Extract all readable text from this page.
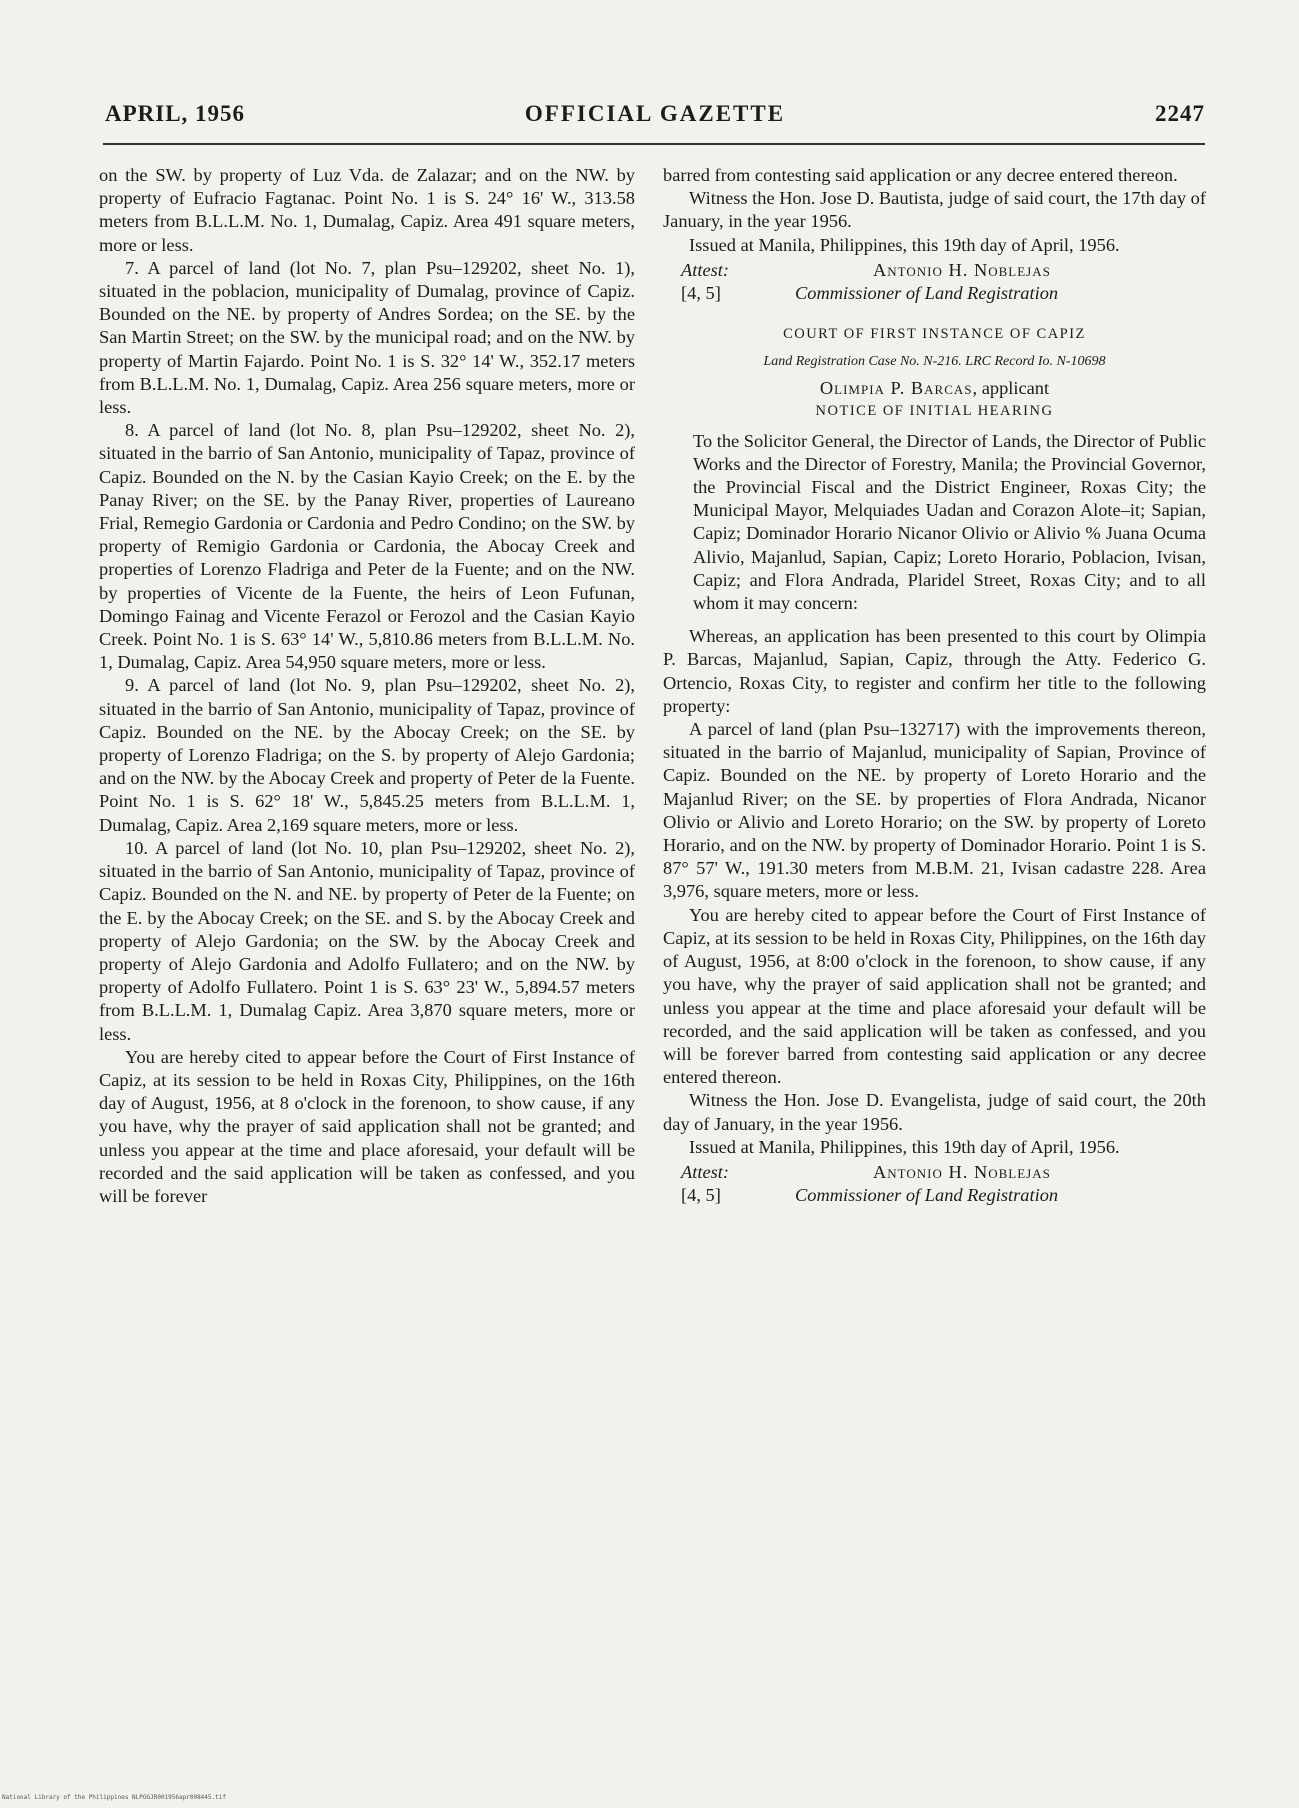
APRIL, 1956	OFFICIAL GAZETTE	2247

on the SW. by property of Luz Vda. de Zalazar; and on the NW. by property of Eufracio Fagtanac. Point No. 1 is S. 24° 16' W., 313.58 meters from B.L.L.M. No. 1, Dumalag, Capiz. Area 491 square meters, more or less.

7. A parcel of land (lot No. 7, plan Psu–129202, sheet No. 1), situated in the poblacion, municipality of Dumalag, province of Capiz. Bounded on the NE. by property of Andres Sordea; on the SE. by the San Martin Street; on the SW. by the municipal road; and on the NW. by property of Martin Fajardo. Point No. 1 is S. 32° 14' W., 352.17 meters from B.L.L.M. No. 1, Dumalag, Capiz. Area 256 square meters, more or less.

8. A parcel of land (lot No. 8, plan Psu–129202, sheet No. 2), situated in the barrio of San Antonio, municipality of Tapaz, province of Capiz. Bounded on the N. by the Casian Kayio Creek; on the E. by the Panay River; on the SE. by the Panay River, properties of Laureano Frial, Remegio Gardonia or Cardonia and Pedro Condino; on the SW. by property of Remigio Gardonia or Cardonia, the Abocay Creek and properties of Lorenzo Fladriga and Peter de la Fuente; and on the NW. by properties of Vicente de la Fuente, the heirs of Leon Fufunan, Domingo Fainag and Vicente Ferazol or Ferozol and the Casian Kayio Creek. Point No. 1 is S. 63° 14' W., 5,810.86 meters from B.L.L.M. No. 1, Dumalag, Capiz. Area 54,950 square meters, more or less.

9. A parcel of land (lot No. 9, plan Psu–129202, sheet No. 2), situated in the barrio of San Antonio, municipality of Tapaz, province of Capiz. Bounded on the NE. by the Abocay Creek; on the SE. by property of Lorenzo Fladriga; on the S. by property of Alejo Gardonia; and on the NW. by the Abocay Creek and property of Peter de la Fuente. Point No. 1 is S. 62° 18' W., 5,845.25 meters from B.L.L.M. 1, Dumalag, Capiz. Area 2,169 square meters, more or less.

10. A parcel of land (lot No. 10, plan Psu–129202, sheet No. 2), situated in the barrio of San Antonio, municipality of Tapaz, province of Capiz. Bounded on the N. and NE. by property of Peter de la Fuente; on the E. by the Abocay Creek; on the SE. and S. by the Abocay Creek and property of Alejo Gardonia; on the SW. by the Abocay Creek and property of Alejo Gardonia and Adolfo Fullatero; and on the NW. by property of Adolfo Fullatero. Point 1 is S. 63° 23' W., 5,894.57 meters from B.L.L.M. 1, Dumalag Capiz. Area 3,870 square meters, more or less.

You are hereby cited to appear before the Court of First Instance of Capiz, at its session to be held in Roxas City, Philippines, on the 16th day of August, 1956, at 8 o'clock in the forenoon, to show cause, if any you have, why the prayer of said application shall not be granted; and unless you appear at the time and place aforesaid, your default will be recorded and the said application will be taken as confessed, and you will be forever

barred from contesting said application or any decree entered thereon.

Witness the Hon. Jose D. Bautista, judge of said court, the 17th day of January, in the year 1956.

Issued at Manila, Philippines, this 19th day of April, 1956.

Attest:
[4, 5]
Antonio H. Noblejas
Commissioner of Land Registration
COURT OF FIRST INSTANCE OF CAPIZ
Land Registration Case No. N-216. LRC Record Io. N-10698
Olimpia P. Barcas, applicant
NOTICE OF INITIAL HEARING

To the Solicitor General, the Director of Lands, the Director of Public Works and the Director of Forestry, Manila; the Provincial Governor, the Provincial Fiscal and the District Engineer, Roxas City; the Municipal Mayor, Melquiades Uadan and Corazon Alote–it; Sapian, Capiz; Dominador Horario Nicanor Olivio or Alivio % Juana Ocuma Alivio, Majanlud, Sapian, Capiz; Loreto Horario, Poblacion, Ivisan, Capiz; and Flora Andrada, Plaridel Street, Roxas City; and to all whom it may concern:

Whereas, an application has been presented to this court by Olimpia P. Barcas, Majanlud, Sapian, Capiz, through the Atty. Federico G. Ortencio, Roxas City, to register and confirm her title to the following property:

A parcel of land (plan Psu–132717) with the improvements thereon, situated in the barrio of Majanlud, municipality of Sapian, Province of Capiz. Bounded on the NE. by property of Loreto Horario and the Majanlud River; on the SE. by properties of Flora Andrada, Nicanor Olivio or Alivio and Loreto Horario; on the SW. by property of Loreto Horario, and on the NW. by property of Dominador Horario. Point 1 is S. 87° 57' W., 191.30 meters from M.B.M. 21, Ivisan cadastre 228. Area 3,976, square meters, more or less.

You are hereby cited to appear before the Court of First Instance of Capiz, at its session to be held in Roxas City, Philippines, on the 16th day of August, 1956, at 8:00 o'clock in the forenoon, to show cause, if any you have, why the prayer of said application shall not be granted; and unless you appear at the time and place aforesaid your default will be recorded, and the said application will be taken as confessed, and you will be forever barred from contesting said application or any decree entered thereon.

Witness the Hon. Jose D. Evangelista, judge of said court, the 20th day of January, in the year 1956.

Issued at Manila, Philippines, this 19th day of April, 1956.

Attest:
[4, 5]
Antonio H. Noblejas
Commissioner of Land Registration
National Library of the Philippines NLPOGJR001956apr008445.tif
